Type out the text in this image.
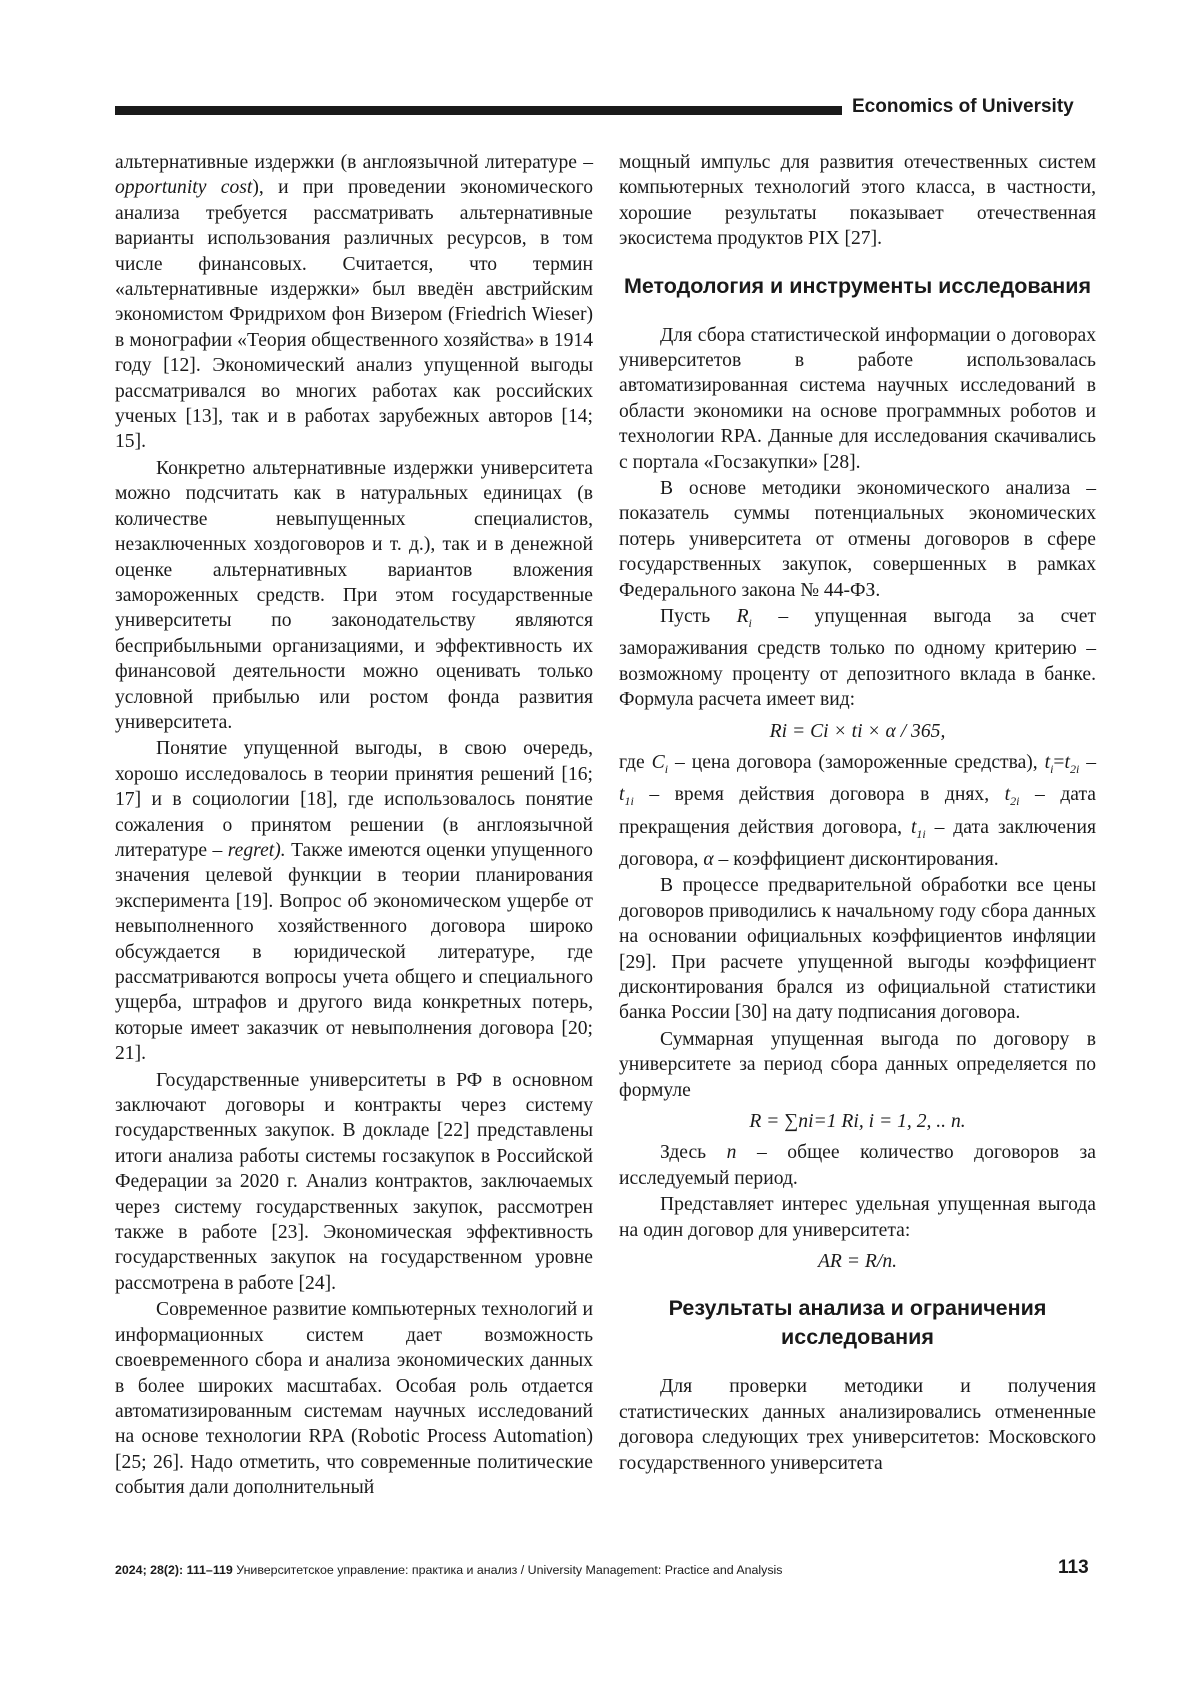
Economics of University

альтернативные издержки (в англоязычной литературе – opportunity cost), и при проведении экономического анализа требуется рассматривать альтернативные варианты использования различных ресурсов, в том числе финансовых. Считается, что термин «альтернативные издержки» был введён австрийским экономистом Фридрихом фон Визером (Friedrich Wieser) в монографии «Теория общественного хозяйства» в 1914 году [12]. Экономический анализ упущенной выгоды рассматривался во многих работах как российских ученых [13], так и в работах зарубежных авторов [14; 15].

Конкретно альтернативные издержки университета можно подсчитать как в натуральных единицах (в количестве невыпущенных специалистов, незаключенных хоздоговоров и т. д.), так и в денежной оценке альтернативных вариантов вложения замороженных средств. При этом государственные университеты по законодательству являются бесприбыльными организациями, и эффективность их финансовой деятельности можно оценивать только условной прибылью или ростом фонда развития университета.

Понятие упущенной выгоды, в свою очередь, хорошо исследовалось в теории принятия решений [16; 17] и в социологии [18], где использовалось понятие сожаления о принятом решении (в англоязычной литературе – regret). Также имеются оценки упущенного значения целевой функции в теории планирования эксперимента [19]. Вопрос об экономическом ущербе от невыполненного хозяйственного договора широко обсуждается в юридической литературе, где рассматриваются вопросы учета общего и специального ущерба, штрафов и другого вида конкретных потерь, которые имеет заказчик от невыполнения договора [20; 21].

Государственные университеты в РФ в основном заключают договоры и контракты через систему государственных закупок. В докладе [22] представлены итоги анализа работы системы госзакупок в Российской Федерации за 2020 г. Анализ контрактов, заключаемых через систему государственных закупок, рассмотрен также в работе [23]. Экономическая эффективность государственных закупок на государственном уровне рассмотрена в работе [24].

Современное развитие компьютерных технологий и информационных систем дает возможность своевременного сбора и анализа экономических данных в более широких масштабах. Особая роль отдается автоматизированным системам научных исследований на основе технологии RPA (Robotic Process Automation) [25; 26]. Надо отметить, что современные политические события дали дополнительный

мощный импульс для развития отечественных систем компьютерных технологий этого класса, в частности, хорошие результаты показывает отечественная экосистема продуктов PIX [27].

Методология и инструменты исследования

Для сбора статистической информации о договорах университетов в работе использовалась автоматизированная система научных исследований в области экономики на основе программных роботов и технологии RPA. Данные для исследования скачивались с портала «Госзакупки» [28].

В основе методики экономического анализа – показатель суммы потенциальных экономических потерь университета от отмены договоров в сфере государственных закупок, совершенных в рамках Федерального закона № 44-ФЗ.

Пусть $R_i$ – упущенная выгода за счет замораживания средств только по одному критерию – возможному проценту от депозитного вклада в банке. Формула расчета имеет вид:

Ri = Ci × ti × α / 365,

где $C_i$ – цена договора (замороженные средства), $t_i=t_{2i} - t_{1i}$ – время действия договора в днях, $t_{2i}$ – дата прекращения действия договора, $t_{1i}$ – дата заключения договора, α – коэффициент дисконтирования.

В процессе предварительной обработки все цены договоров приводились к начальному году сбора данных на основании официальных коэффициентов инфляции [29]. При расчете упущенной выгоды коэффициент дисконтирования брался из официальной статистики банка России [30] на дату подписания договора.

Суммарная упущенная выгода по договору в университете за период сбора данных определяется по формуле

R = ∑ni=1 Ri, i = 1, 2, .. n.

Здесь n – общее количество договоров за исследуемый период.

Представляет интерес удельная упущенная выгода на один договор для университета:

AR = R/n.
Результаты анализа и ограничения исследования

Для проверки методики и получения статистических данных анализировались отмененные договора следующих трех университетов: Московского государственного университета

2024; 28(2): 111–119 Университетское управление: практика и анализ / University Management: Practice and Analysis	113
